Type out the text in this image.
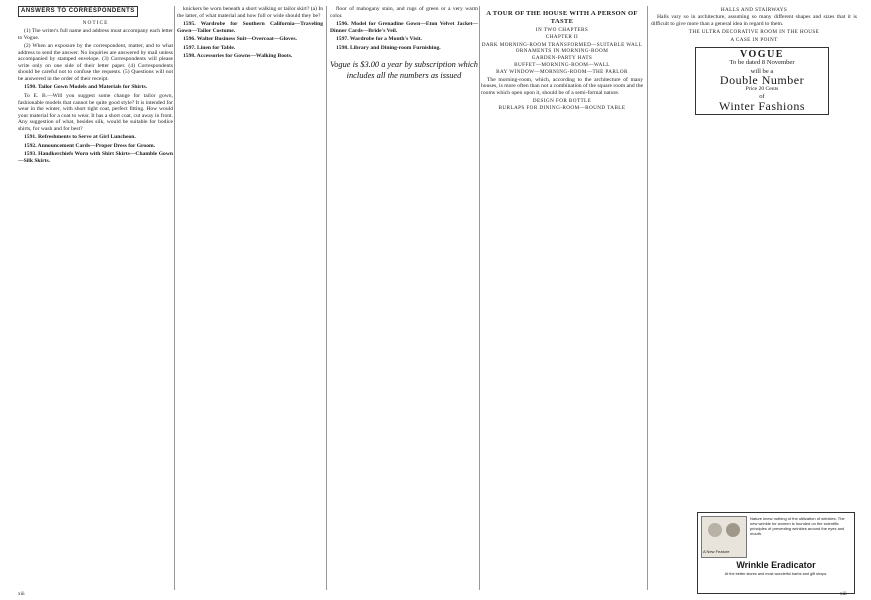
ANSWERS TO CORRESPONDENTS
NOTICE

(1) The writer's full name and address must accompany each letter to Vogue.

(2) When an exposure by the correspondent, matter, and to what address to send the answer. No inquiries are answered by mail unless accompanied by stamped envelope. (3) Correspondents will please write only on one side of their letter paper. (4) Correspondents should be careful not to confuse the requests. (5) Questions will not be answered in the order of their receipt.

1590. Tailor Gown Models and Materials for Shirts.

To E. B.—Will you suggest some change for tailor gown, fashionable models that cannot be quite good style? It is intended for wear in the winter, with short tight coat, perfect fitting. How would your material for a coat to wear. It has a short coat, cut away in front. Any suggestion of what, besides silk, would be suitable for bodice shirts, for wash and for best?

1591. Refreshments to Serve at Girl Luncheon.

1592. Announcement Cards—Proper Dress for Groom.

1593. Handkerchiefs Worn with Shirt Skirts—Chamble Gown—Silk Skirts.

knickers be worn beneath a short walking or tailor skirt? (a) In the latter, of what material and how full or wide should they be?

1595. Wardrobe for Southern California—Traveling Gown—Tailor Costume.

1596. Walter Business Suit—Overcoat—Gloves.

1597. Linen for Table.

1598. Accessories for Gowns—Walking Boots.

floor of mahogany stain, and rugs of green or a very warm color.

1596. Model for Grenadine Gown—Eton Velvet Jacket—Dinner Cards—Bride's Veil.

1597. Wardrobe for a Month's Visit.

1598. Library and Dining-room Furnishing.

Vogue is $3.00 a year by subscription which includes all the numbers as issued
A TOUR OF THE HOUSE WITH A PERSON OF TASTE
IN TWO CHAPTERS
CHAPTER II
DARK MORNING-ROOM TRANSFORMED—SUITABLE WALL ORNAMENTS IN MORNING-ROOM
GARDEN-PARTY HATS
BUFFET—MORNING-ROOM—WALL
BAY WINDOW—MORNING-ROOM—THE PARLOR

The morning-room, which, according to the architecture of many houses, is more often than not a combination of the square room and the rooms which open upon it, should be of a semi-formal nature.

DESIGN FOR BOTTLE
BURLAPS FOR DINING-ROOM—ROUND TABLE
HALLS AND STAIRWAYS

Halls vary so in architecture, assuming so many different shapes and sizes that it is difficult to give more than a general idea in regard to them.

THE ULTRA DECORATIVE ROOM IN THE HOUSE
A CASE IN POINT
VOGUE
To be dated 8 November
will be a
Double Number
Price 20 Cents
of
Winter Fashions
A New Feature
Nature knew nothing of the utilization of wrinkles. The new wrinkle for women is founded on the scientific principles of preventing wrinkles around the eyes and mouth.
Wrinkle Eradicator
At the better stores and most wonderful barbs and gift shops.
xiii	xiii
